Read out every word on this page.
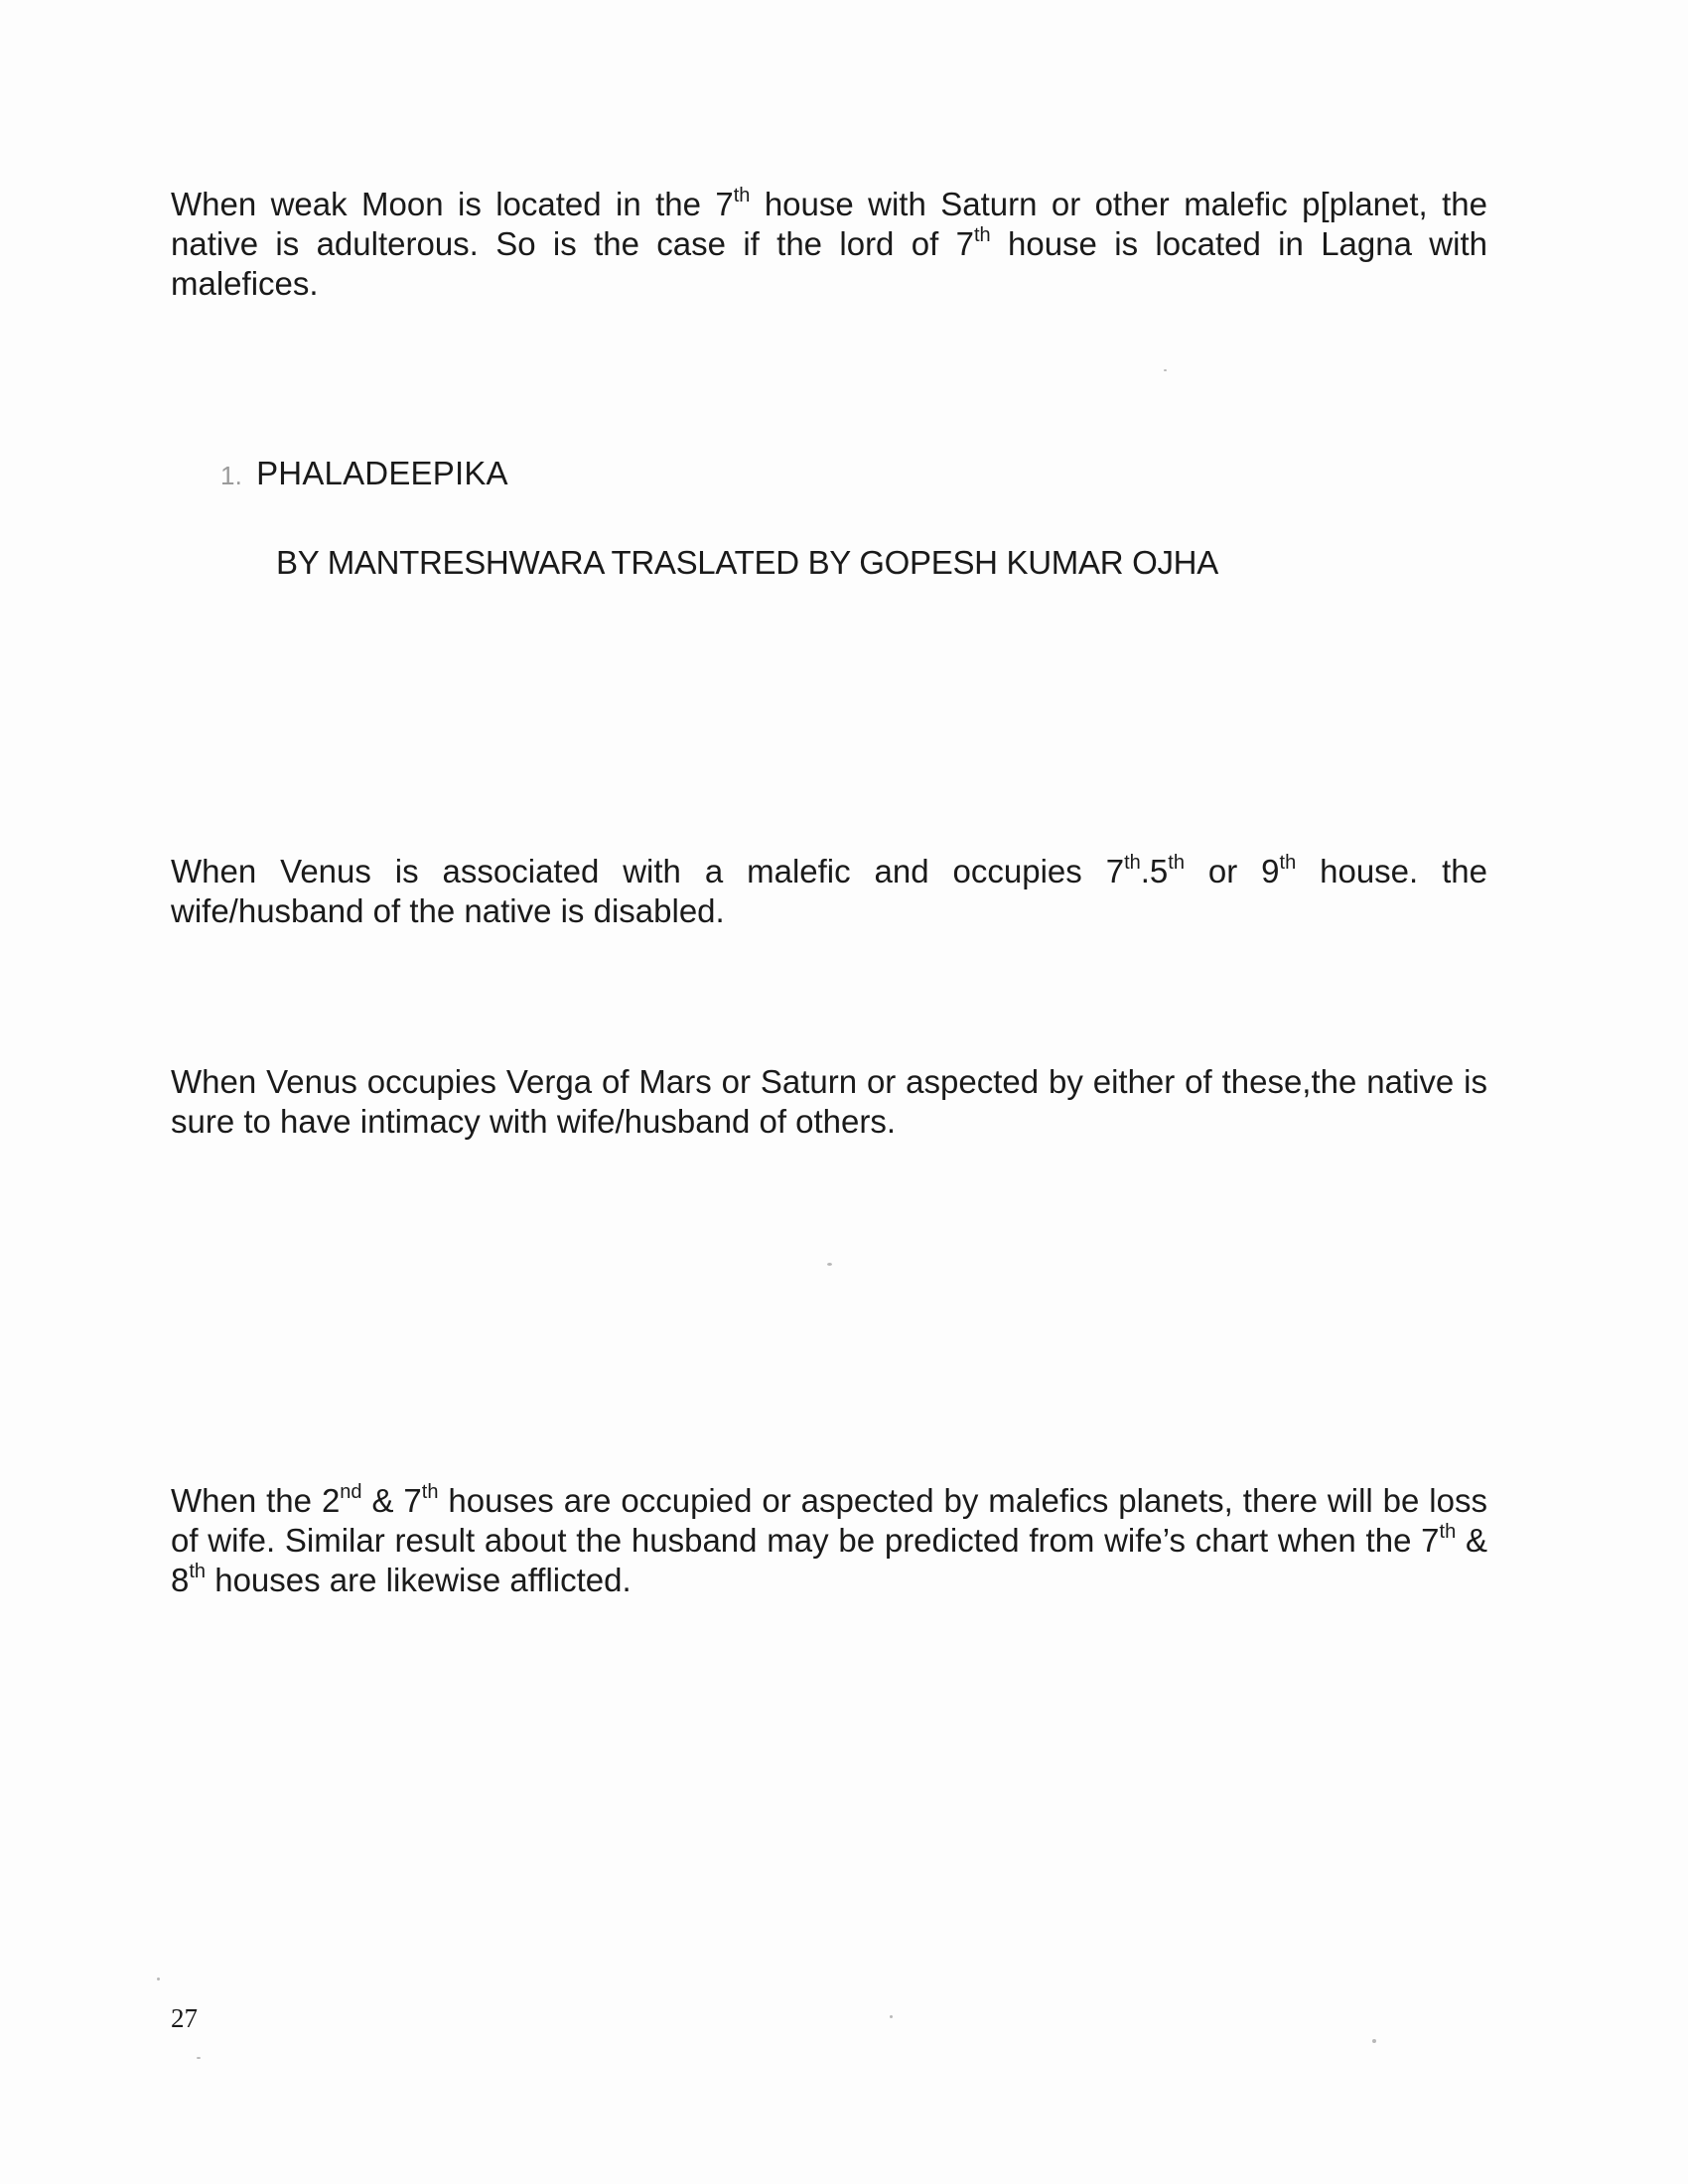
When weak Moon is located in the 7th house with Saturn or other malefic p[planet, the native is adulterous. So is the case if the lord of 7th house is located in Lagna with malefices.

1. PHALADEEPIKA
BY MANTRESHWARA TRASLATED BY GOPESH KUMAR OJHA

When Venus is associated with a malefic and occupies 7th.5th or 9th house. the wife/husband of the native is disabled.

When Venus occupies Verga of Mars or Saturn or aspected by either of these,the native is sure to have intimacy with wife/husband of others.

When the 2nd & 7th houses are occupied or aspected by malefics planets, there will be loss of wife. Similar result about the husband may be predicted from wife’s chart when the 7th & 8th houses are likewise afflicted.

27
